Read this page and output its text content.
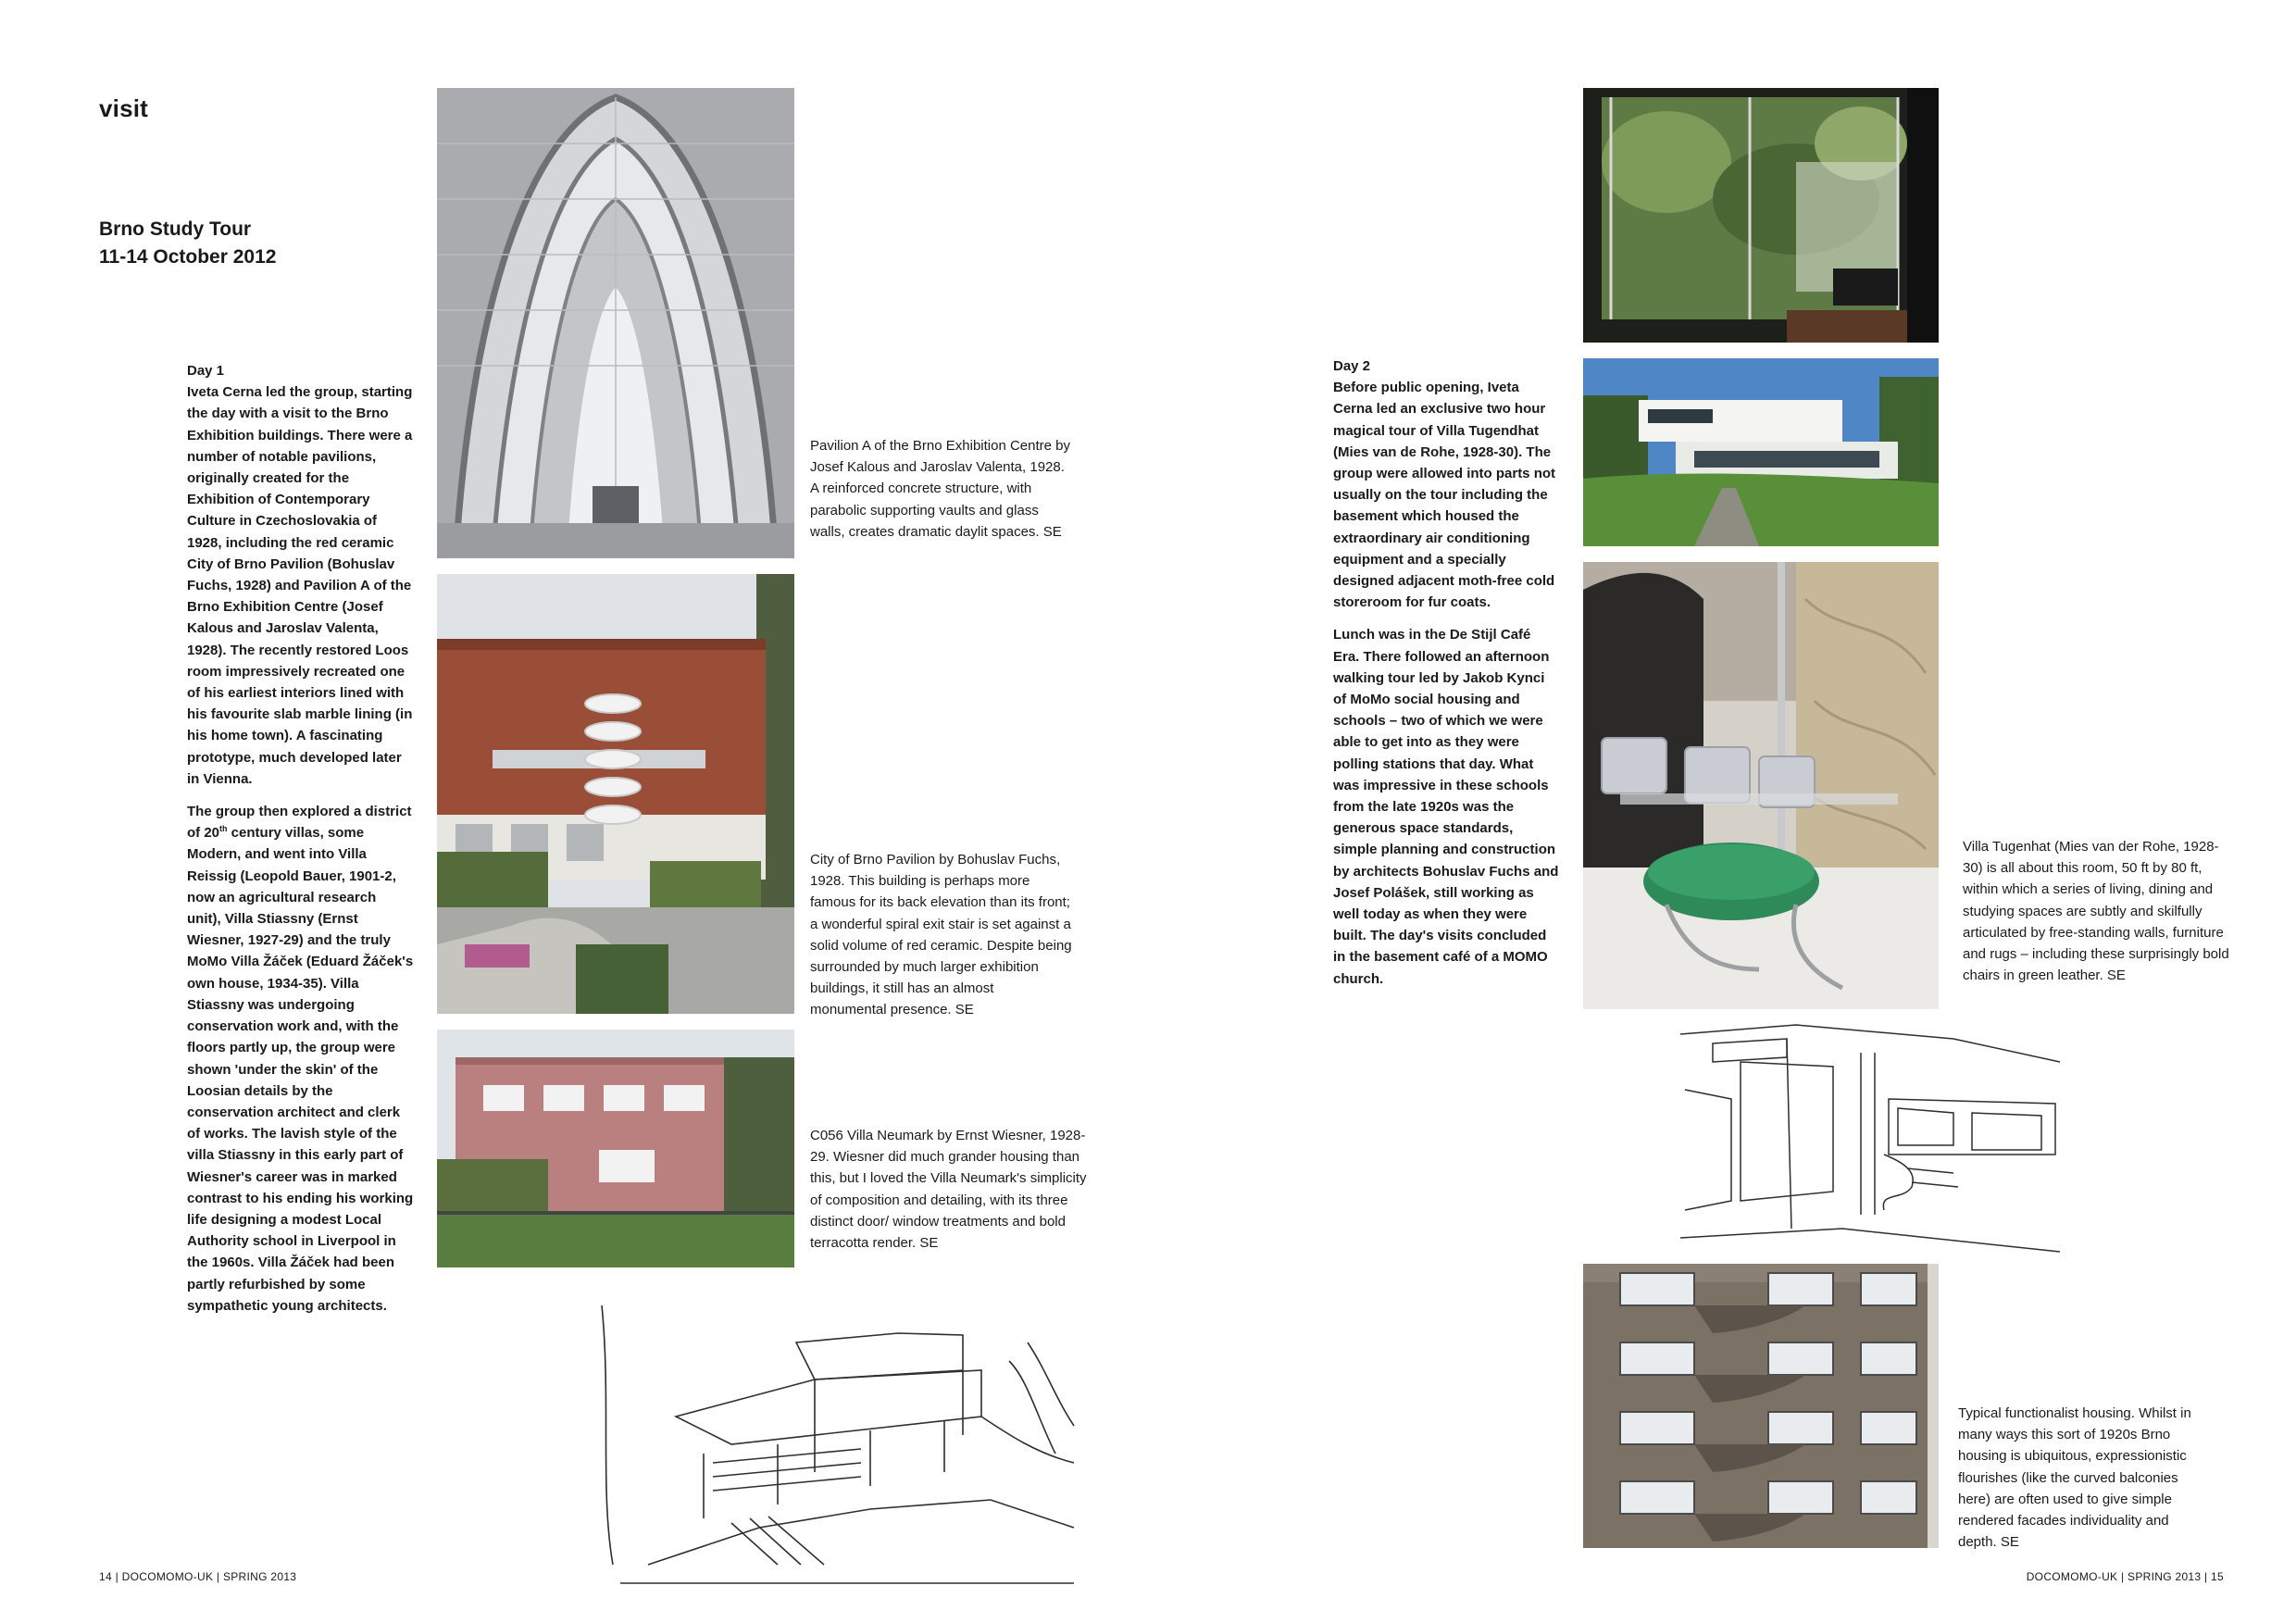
visit
Brno Study Tour
11-14 October 2012

Day 1
Iveta Cerna led the group, starting the day with a visit to the Brno Exhibition buildings. There were a number of notable pavilions, originally created for the Exhibition of Contemporary Culture in Czechoslovakia of 1928, including the red ceramic City of Brno Pavilion (Bohuslav Fuchs, 1928) and Pavilion A of the Brno Exhibition Centre (Josef Kalous and Jaroslav Valenta, 1928). The recently restored Loos room impressively recreated one of his earliest interiors lined with his favourite slab marble lining (in his home town). A fascinating prototype, much developed later in Vienna.

The group then explored a district of 20th century villas, some Modern, and went into Villa Reissig (Leopold Bauer, 1901-2, now an agricultural research unit), Villa Stiassny (Ernst Wiesner, 1927-29) and the truly MoMo Villa Žáček (Eduard Žáček's own house, 1934-35). Villa Stiassny was undergoing conservation work and, with the floors partly up, the group were shown 'under the skin' of the Loosian details by the conservation architect and clerk of works. The lavish style of the villa Stiassny in this early part of Wiesner's career was in marked contrast to his ending his working life designing a modest Local Authority school in Liverpool in the 1960s. Villa Žáček had been partly refurbished by some sympathetic young architects.

Pavilion A of the Brno Exhibition Centre by Josef Kalous and Jaroslav Valenta, 1928. A reinforced concrete structure, with parabolic supporting vaults and glass walls, creates dramatic daylit spaces. SE
City of Brno Pavilion by Bohuslav Fuchs, 1928. This building is perhaps more famous for its back elevation than its front; a wonderful spiral exit stair is set against a solid volume of red ceramic. Despite being surrounded by much larger exhibition buildings, it still has an almost monumental presence. SE
C056 Villa Neumark by Ernst Wiesner, 1928-29. Wiesner did much grander housing than this, but I loved the Villa Neumark's simplicity of composition and detailing, with its three distinct door/ window treatments and bold terracotta render. SE

Day 2
Before public opening, Iveta Cerna led an exclusive two hour magical tour of Villa Tugendhat (Mies van de Rohe, 1928-30). The group were allowed into parts not usually on the tour including the basement which housed the extraordinary air conditioning equipment and a specially designed adjacent moth-free cold storeroom for fur coats.

Lunch was in the De Stijl Café Era. There followed an afternoon walking tour led by Jakob Kynci of MoMo social housing and schools – two of which we were able to get into as they were polling stations that day. What was impressive in these schools from the late 1920s was the generous space standards, simple planning and construction by architects Bohuslav Fuchs and Josef Polášek, still working as well today as when they were built. The day's visits concluded in the basement café of a MOMO church.

Villa Tugenhat (Mies van der Rohe, 1928-30) is all about this room, 50 ft by 80 ft, within which a series of living, dining and studying spaces are subtly and skilfully articulated by free-standing walls, furniture and rugs – including these surprisingly bold chairs in green leather. SE
Typical functionalist housing. Whilst in many ways this sort of 1920s Brno housing is ubiquitous, expressionistic flourishes (like the curved balconies here) are often used to give simple rendered facades individuality and depth. SE
14 | DOCOMOMO-UK | SPRING 2013	DOCOMOMO-UK | SPRING 2013 | 15
